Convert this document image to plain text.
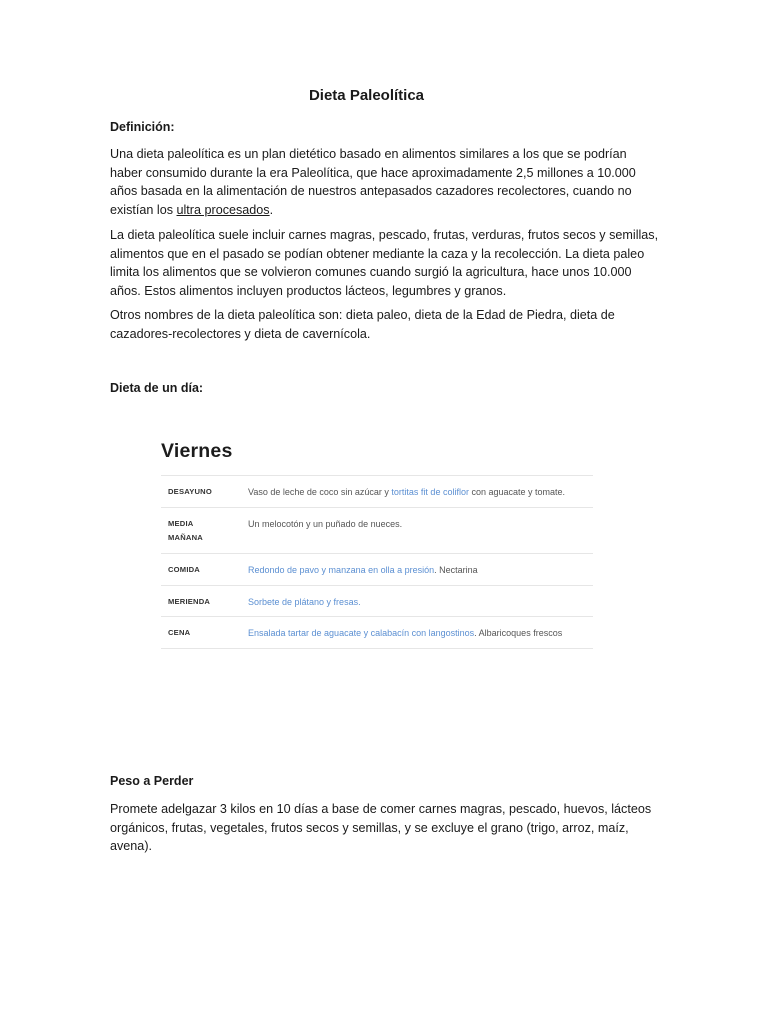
Dieta Paleolítica

Definición:

Una dieta paleolítica es un plan dietético basado en alimentos similares a los que se podrían haber consumido durante la era Paleolítica, que hace aproximadamente 2,5 millones a 10.000 años basada en la alimentación de nuestros antepasados cazadores recolectores, cuando no existían los ultra procesados.

La dieta paleolítica suele incluir carnes magras, pescado, frutas, verduras, frutos secos y semillas, alimentos que en el pasado se podían obtener mediante la caza y la recolección. La dieta paleo limita los alimentos que se volvieron comunes cuando surgió la agricultura, hace unos 10.000 años. Estos alimentos incluyen productos lácteos, legumbres y granos.

Otros nombres de la dieta paleolítica son: dieta paleo, dieta de la Edad de Piedra, dieta de cazadores-recolectores y dieta de cavernícola.

Dieta de un día:

Viernes

DESAYUNO	Vaso de leche de coco sin azúcar y tortitas fit de coliflor con aguacate y tomate.
MEDIA MAÑANA	Un melocotón y un puñado de nueces.
COMIDA	Redondo de pavo y manzana en olla a presión. Nectarina
MERIENDA	Sorbete de plátano y fresas.
CENA	Ensalada tartar de aguacate y calabacín con langostinos. Albaricoques frescos

Peso a Perder

Promete adelgazar 3 kilos en 10 días a base de comer carnes magras, pescado, huevos, lácteos orgánicos, frutas, vegetales, frutos secos y semillas, y se excluye el grano (trigo, arroz, maíz, avena).
